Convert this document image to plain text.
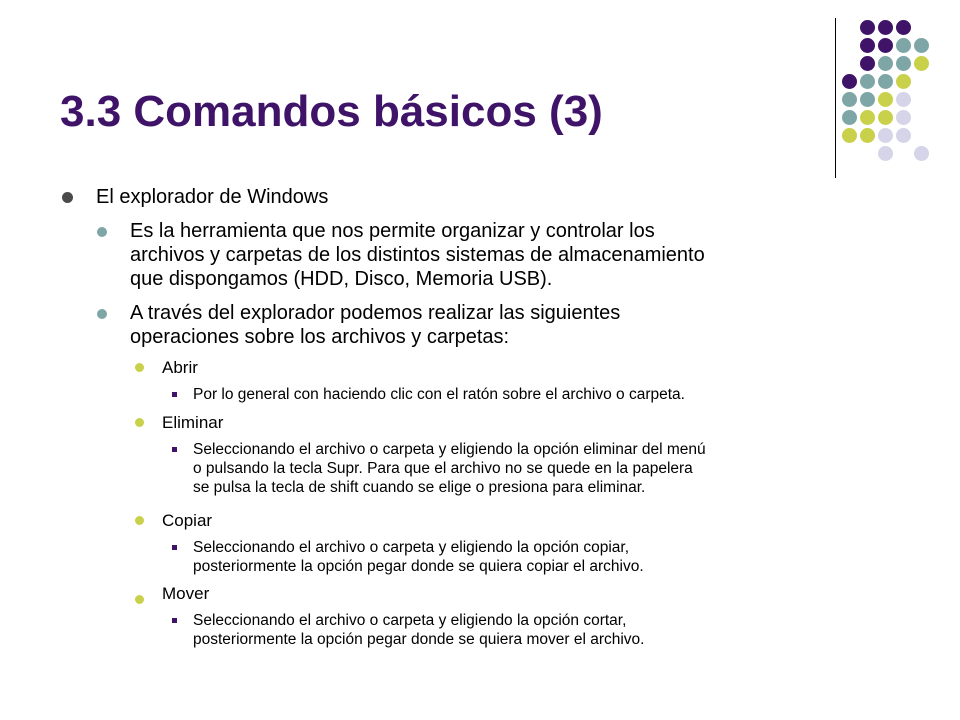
3.3 Comandos básicos (3)
El explorador de Windows
Es la herramienta que nos permite organizar y controlar los
archivos y carpetas de los distintos sistemas de almacenamiento
que dispongamos (HDD, Disco, Memoria USB).
A través del explorador podemos realizar las siguientes
operaciones sobre los archivos y carpetas:
Abrir
Por lo general con haciendo clic con el ratón sobre el archivo o carpeta.
Eliminar
Seleccionando el archivo o carpeta y eligiendo la opción eliminar del menú
o pulsando la tecla Supr. Para que el archivo no se quede en la papelera
se pulsa la tecla de shift cuando se elige o presiona para eliminar.
Copiar
Seleccionando el archivo o carpeta y eligiendo la opción copiar,
posteriormente la opción pegar donde se quiera copiar el archivo.
Mover
Seleccionando el archivo o carpeta y eligiendo la opción cortar,
posteriormente la opción pegar donde se quiera mover el archivo.
